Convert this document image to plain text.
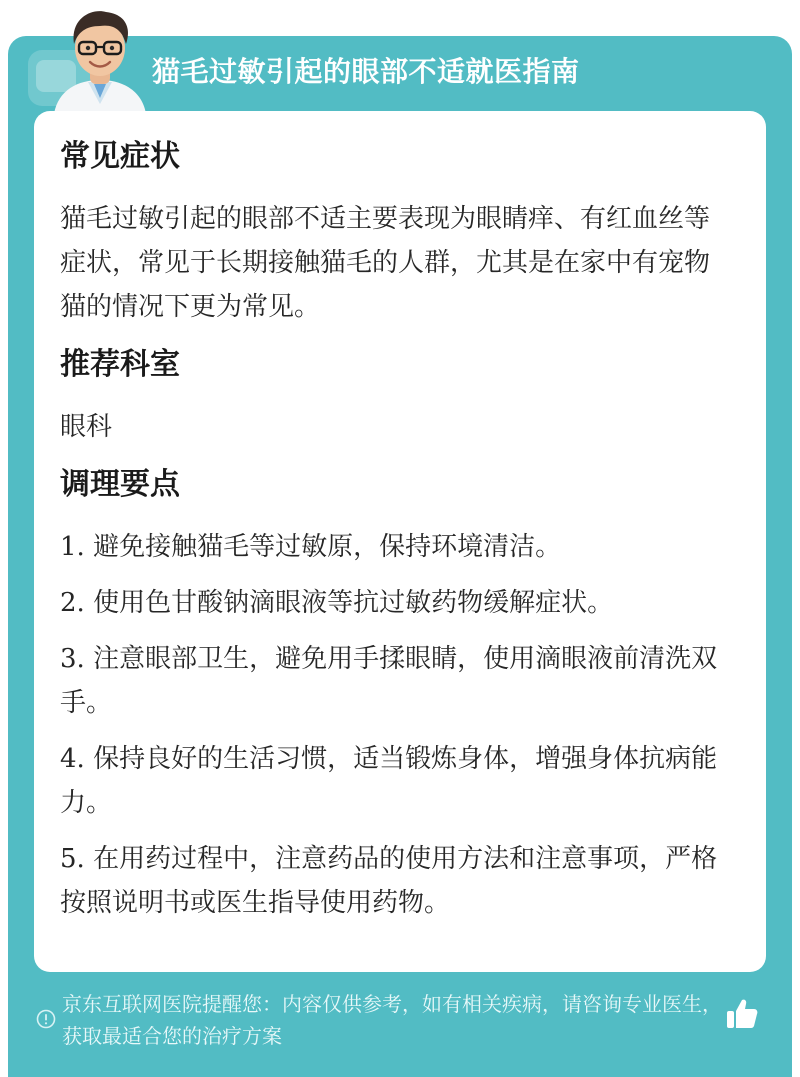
猫毛过敏引起的眼部不适就医指南
常见症状
猫毛过敏引起的眼部不适主要表现为眼睛痒、有红血丝等症状，常见于长期接触猫毛的人群，尤其是在家中有宠物猫的情况下更为常见。
推荐科室
眼科
调理要点
1. 避免接触猫毛等过敏原，保持环境清洁。
2. 使用色甘酸钠滴眼液等抗过敏药物缓解症状。
3. 注意眼部卫生，避免用手揉眼睛，使用滴眼液前清洗双手。
4. 保持良好的生活习惯，适当锻炼身体，增强身体抗病能力。
5. 在用药过程中，注意药品的使用方法和注意事项，严格按照说明书或医生指导使用药物。
京东互联网医院提醒您：内容仅供参考，如有相关疾病，请咨询专业医生，获取最适合您的治疗方案
